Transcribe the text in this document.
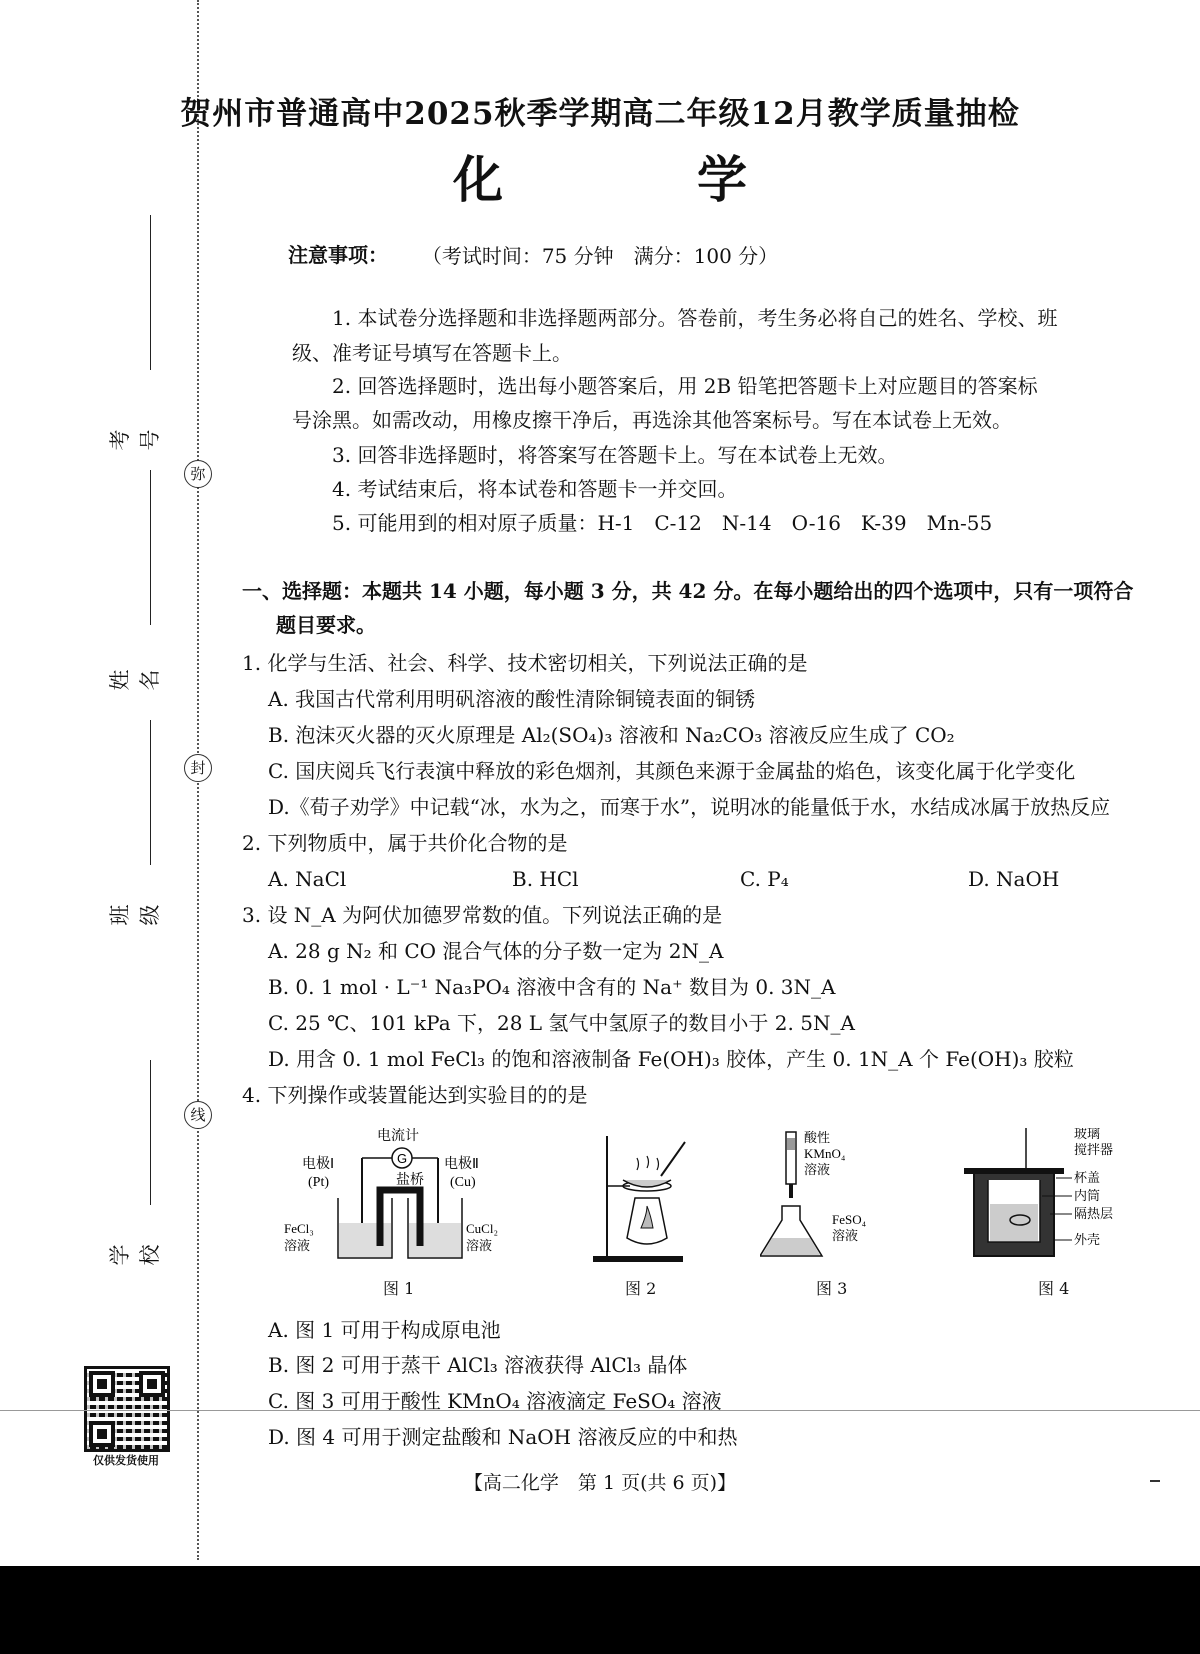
弥
封
线
考号
姓名
班级
学校
仅供发货使用
贺州市普通高中2025秋季学期高二年级12月教学质量抽检
化　学
（考试时间：75 分钟　满分：100 分）
注意事项：
1. 本试卷分选择题和非选择题两部分。答卷前，考生务必将自己的姓名、学校、班
级、准考证号填写在答题卡上。
2. 回答选择题时，选出每小题答案后，用 2B 铅笔把答题卡上对应题目的答案标
号涂黑。如需改动，用橡皮擦干净后，再选涂其他答案标号。写在本试卷上无效。
3. 回答非选择题时，将答案写在答题卡上。写在本试卷上无效。
4. 考试结束后，将本试卷和答题卡一并交回。
5. 可能用到的相对原子质量：H-1　C-12　N-14　O-16　K-39　Mn-55
一、选择题：本题共 14 小题，每小题 3 分，共 42 分。在每小题给出的四个选项中，只有一项符合
题目要求。
1. 化学与生活、社会、科学、技术密切相关，下列说法正确的是
A. 我国古代常利用明矾溶液的酸性清除铜镜表面的铜锈
B. 泡沫灭火器的灭火原理是 Al₂(SO₄)₃ 溶液和 Na₂CO₃ 溶液反应生成了 CO₂
C. 国庆阅兵飞行表演中释放的彩色烟剂，其颜色来源于金属盐的焰色，该变化属于化学变化
D.《荀子劝学》中记载“冰，水为之，而寒于水”，说明冰的能量低于水，水结成冰属于放热反应
2. 下列物质中，属于共价化合物的是
A. NaCl	B. HCl	C. P₄	D. NaOH
3. 设 N_A 为阿伏加德罗常数的值。下列说法正确的是
A. 28 g N₂ 和 CO 混合气体的分子数一定为 2N_A
B. 0. 1 mol · L⁻¹ Na₃PO₄ 溶液中含有的 Na⁺ 数目为 0. 3N_A
C. 25 ℃、101 kPa 下，28 L 氢气中氢原子的数目小于 2. 5N_A
D. 用含 0. 1 mol FeCl₃ 的饱和溶液制备 Fe(OH)₃ 胶体，产生 0. 1N_A 个 Fe(OH)₃ 胶粒
4. 下列操作或装置能达到实验目的的是
电流计
G
电极Ⅰ
(Pt)
电极Ⅱ
(Cu)
盐桥
FeCl₃
溶液
CuCl₂
溶液
图 1	图 2
酸性
KMnO₄
溶液
FeSO₄
溶液
图 3
玻璃
搅拌器
杯盖
内筒
隔热层
外壳
图 4
A. 图 1 可用于构成原电池
B. 图 2 可用于蒸干 AlCl₃ 溶液获得 AlCl₃ 晶体
C. 图 3 可用于酸性 KMnO₄ 溶液滴定 FeSO₄ 溶液
D. 图 4 可用于测定盐酸和 NaOH 溶液反应的中和热
【高二化学　第 1 页(共 6 页)】
